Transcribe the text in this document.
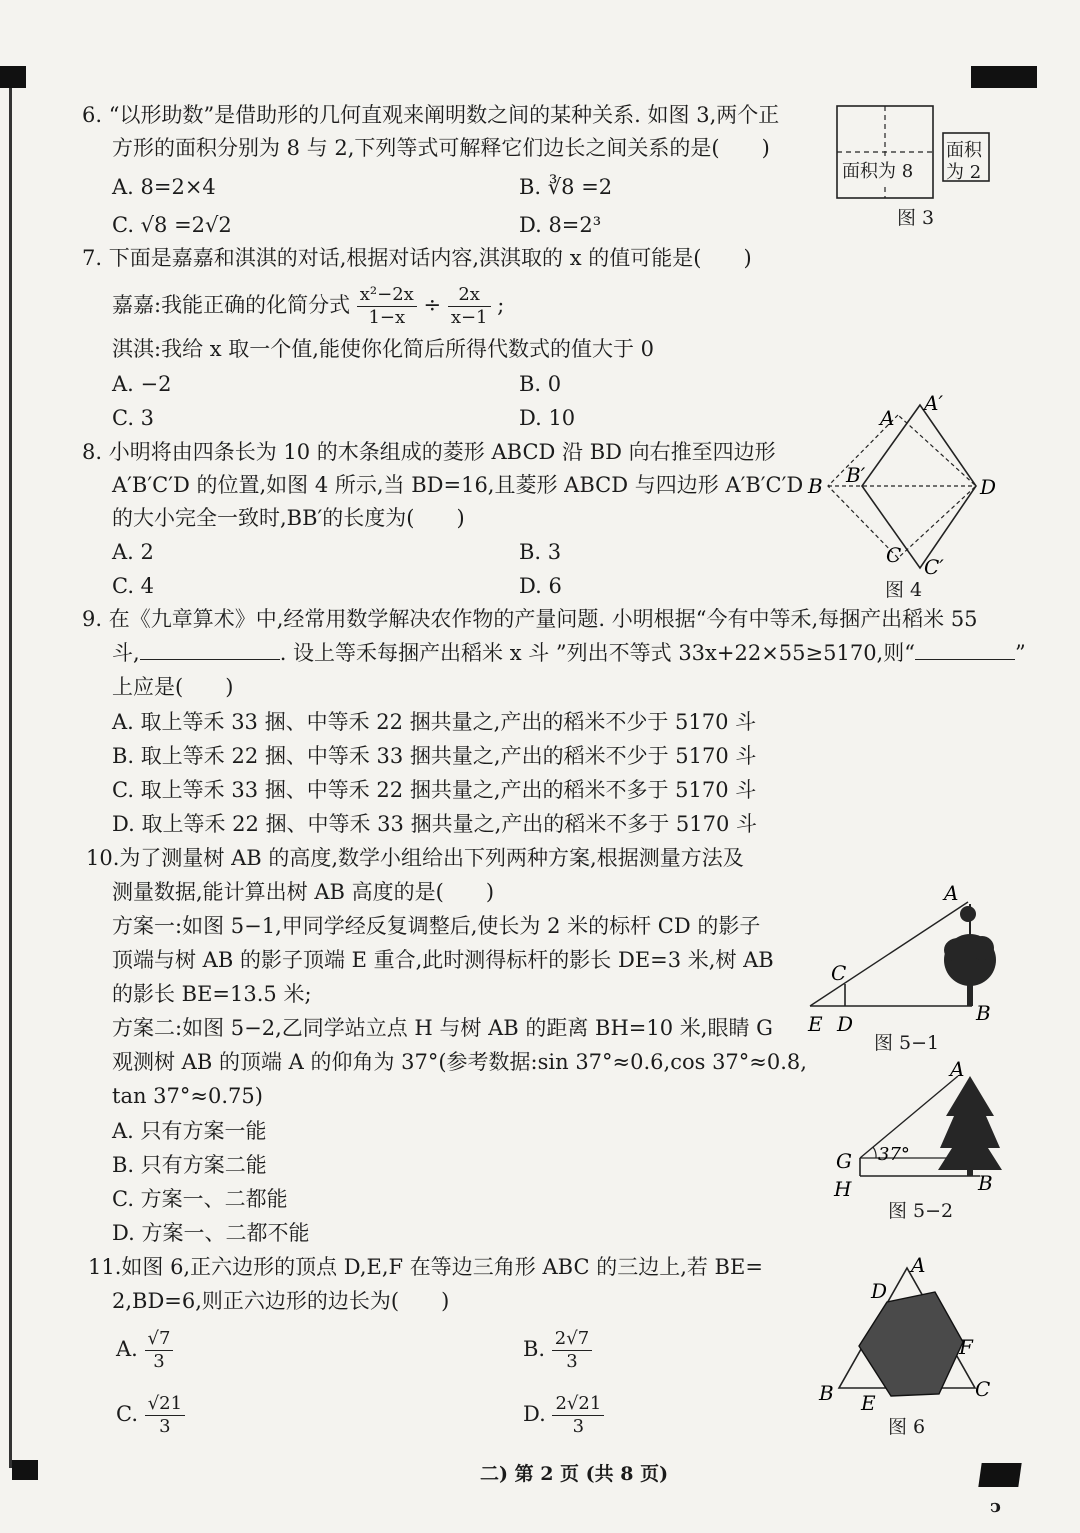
ↄ
6. “以形助数”是借助形的几何直观来阐明数之间的某种关系. 如图 3,两个正
方形的面积分别为 8 与 2,下列等式可解释它们边长之间关系的是(　　)
A. 8=2×4	B. ∛8 =2
C. √8 =2√2	D. 8=2³
面积为 8
面积
为 2
图 3
7. 下面是嘉嘉和淇淇的对话,根据对话内容,淇淇取的 x 的值可能是(　　)
嘉嘉:我能正确的化简分式 $\frac{\text{x²−2x}}{1-x} \div \frac{2x}{x-1}$ ;
淇淇:我给 x 取一个值,能使你化简后所得代数式的值大于 0
A. −2	B. 0
C. 3	D. 10
8. 小明将由四条长为 10 的木条组成的菱形 ABCD 沿 BD 向右推至四边形
A′B′C′D 的位置,如图 4 所示,当 BD=16,且菱形 ABCD 与四边形 A′B′C′D
的大小完全一致时,BB′的长度为(　　)
A. 2	B. 3
C. 4	D. 6
A
A′
B B′
C C′
D
图 4
9. 在《九章算术》中,经常用数学解决农作物的产量问题. 小明根据“今有中等禾,每捆产出稻米 55
斗,	. 设上等禾每捆产出稻米 x 斗 ”列出不等式 33x+22×55≥5170,则“	”
上应是(　　)
A. 取上等禾 33 捆、中等禾 22 捆共量之,产出的稻米不少于 5170 斗
B. 取上等禾 22 捆、中等禾 33 捆共量之,产出的稻米不少于 5170 斗
C. 取上等禾 33 捆、中等禾 22 捆共量之,产出的稻米不多于 5170 斗
D. 取上等禾 22 捆、中等禾 33 捆共量之,产出的稻米不多于 5170 斗
10.为了测量树 AB 的高度,数学小组给出下列两种方案,根据测量方法及
测量数据,能计算出树 AB 高度的是(　　)
方案一:如图 5−1,甲同学经反复调整后,使长为 2 米的标杆 CD 的影子
顶端与树 AB 的影子顶端 E 重合,此时测得标杆的影长 DE=3 米,树 AB
的影长 BE=13.5 米;
方案二:如图 5−2,乙同学站立点 H 与树 AB 的距离 BH=10 米,眼睛 G
观测树 AB 的顶端 A 的仰角为 37°(参考数据:sin 37°≈0.6,cos 37°≈0.8,
tan 37°≈0.75)
A. 只有方案一能
B. 只有方案二能
C. 方案一、二都能
D. 方案一、二都不能
A
B
C
D
E
图 5−1
A
B
G
H
37°
图 5−2
11.如图 6,正六边形的顶点 D,E,F 在等边三角形 ABC 的三边上,若 BE=
2,BD=6,则正六边形的边长为(　　)
A. $\frac{√7}{3}$	B. $\frac{2√7}{3}$
C. $\frac{√21}{3}$	D. $\frac{2√21}{3}$
A
B	C
D
E
F
图 6
二) 第 2 页 (共 8 页)
